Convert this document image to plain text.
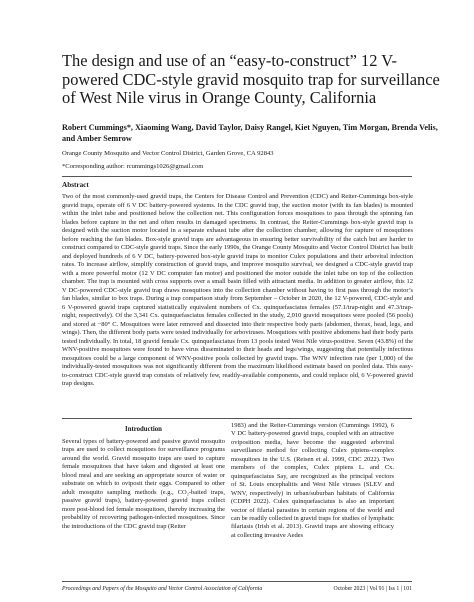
The design and use of an “easy-to-construct” 12 V-powered CDC-style gravid mosquito trap for surveillance of West Nile virus in Orange County, California
Robert Cummings*, Xiaoming Wang, David Taylor, Daisy Rangel, Kiet Nguyen, Tim Morgan, Brenda Velis, and Amber Semrow
Orange County Mosquito and Vector Control District, Garden Grove, CA 92843
*Corresponding author: rcummings1026@gmail.com
Abstract
Two of the most commonly-used gravid traps, the Centers for Disease Control and Prevention (CDC) and Reiter-Cummings box-style gravid traps, operate off 6 V DC battery-powered systems. In the CDC gravid trap, the suction motor (with its fan blades) is mounted within the inlet tube and positioned below the collection net. This configuration forces mosquitoes to pass through the spinning fan blades before capture in the net and often results in damaged specimens. In contrast, the Reiter-Cummings box-style gravid trap is designed with the suction motor located in a separate exhaust tube after the collection chamber, allowing for capture of mosquitoes before reaching the fan blades. Box-style gravid traps are advantageous in ensuring better survivability of the catch but are harder to construct compared to CDC-style gravid traps. Since the early 1990s, the Orange County Mosquito and Vector Control District has built and deployed hundreds of 6 V DC, battery-powered box-style gravid traps to monitor Culex populations and their arboviral infection rates. To increase airflow, simplify construction of gravid traps, and improve mosquito survival, we designed a CDC-style gravid trap with a more powerful motor (12 V DC computer fan motor) and positioned the motor outside the inlet tube on top of the collection chamber. The trap is mounted with cross supports over a small basin filled with attractant media. In addition to greater airflow, this 12 V DC-powered CDC-style gravid trap draws mosquitoes into the collection chamber without having to first pass through the motor’s fan blades, similar to box traps. During a trap comparison study from September – October in 2020, the 12 V-powered, CDC-style and 6 V-powered gravid traps captured statistically equivalent numbers of Cx. quinquefasciatus females (57.1/trap-night and 47.3/trap-night, respectively). Of the 3,341 Cx. quinquefasciatus females collected in the study, 2,010 gravid mosquitoes were pooled (56 pools) and stored at −80° C. Mosquitoes were later removed and dissected into their respective body parts (abdomen, thorax, head, legs, and wings). Then, the different body parts were tested individually for arboviruses. Mosquitoes with positive abdomens had their body parts tested individually. In total, 18 gravid female Cx. quinquefasciatus from 13 pools tested West Nile virus-positive. Seven (43.8%) of the WNV-positive mosquitoes were found to have virus disseminated to their heads and legs/wings, suggesting that potentially infectious mosquitoes could be a large component of WNV-positive pools collected by gravid traps. The WNV infection rate (per 1,000) of the individually-tested mosquitoes was not significantly different from the maximum likelihood estimate based on pooled data. This easy-to-construct CDC-style gravid trap consists of relatively few, readily-available components, and could replace old, 6 V-powered gravid trap designs.
Introduction
Several types of battery-powered and passive gravid mosquito traps are used to collect mosquitoes for surveillance programs around the world. Gravid mosquito traps are used to capture female mosquitoes that have taken and digested at least one blood meal and are seeking an appropriate source of water or substrate on which to oviposit their eggs. Compared to other adult mosquito sampling methods (e.g., CO₂-baited traps, passive gravid traps), battery-powered gravid traps collect more post-blood fed female mosquitoes, thereby increasing the probability of recovering pathogen-infected mosquitoes. Since the introductions of the CDC gravid trap (Reiter
1983) and the Reiter-Cummings version (Cummings 1992), 6 V DC battery-powered gravid traps, coupled with an attractive oviposition media, have become the suggested arboviral surveillance method for collecting Culex pipiens-complex mosquitoes in the U.S. (Reisen et al. 1999, CDC 2022). Two members of the complex, Culex pipiens L. and Cx. quinquefasciatus Say, are recognized as the principal vectors of St. Louis encephalitis and West Nile viruses (SLEV and WNV, respectively) in urban/suburban habitats of California (CDPH 2022). Culex quinquefasciatus is also an important vector of filarial parasites in certain regions of the world and can be readily collected in gravid traps for studies of lymphatic filariasis (Irish et al. 2013). Gravid traps are showing efficacy at collecting invasive Aedes
Proceedings and Papers of the Mosquito and Vector Control Association of California	October 2023 | Vol 91 | Iss 1 | 101
